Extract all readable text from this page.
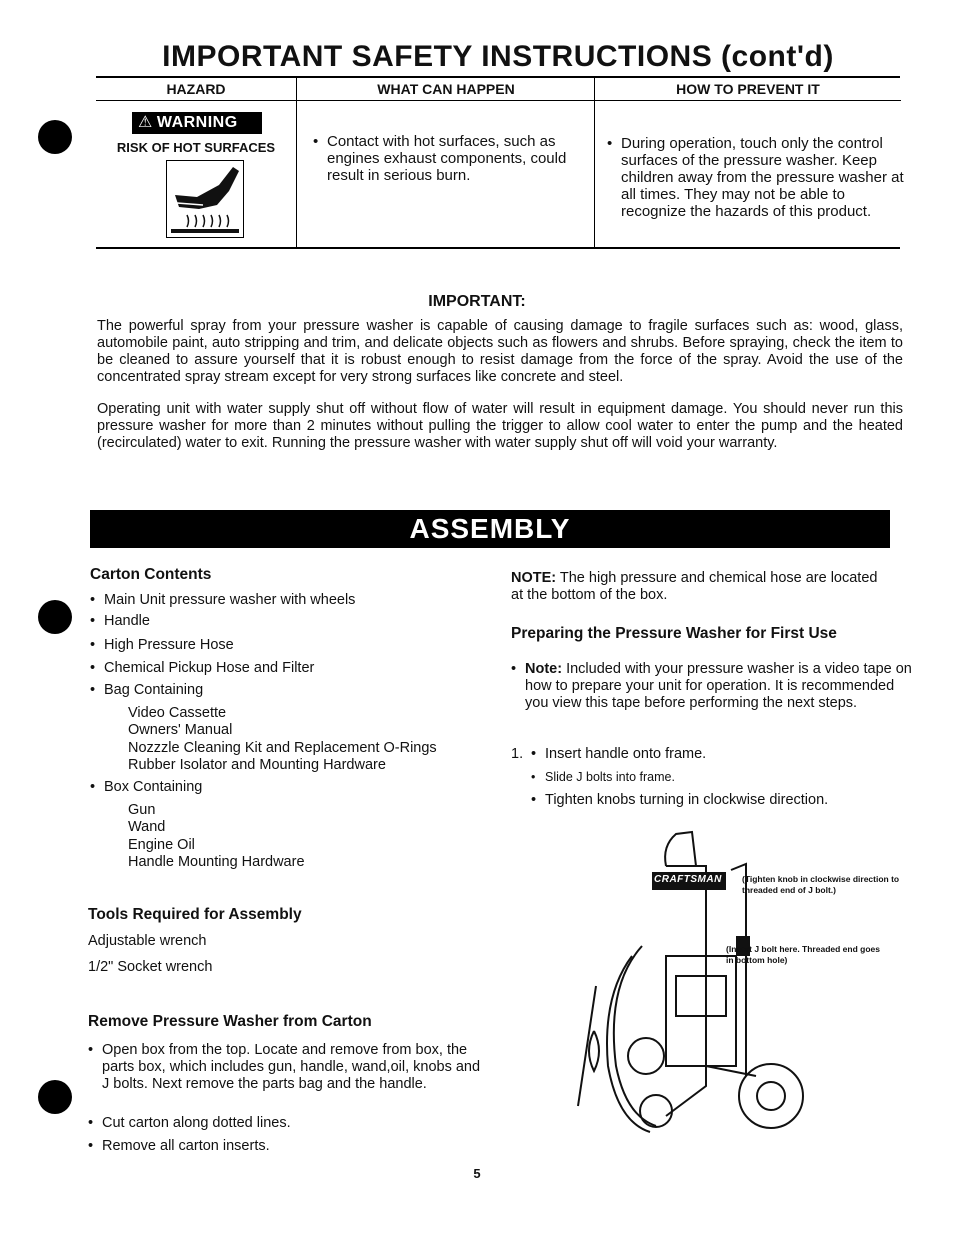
IMPORTANT SAFETY INSTRUCTIONS (cont'd)
HAZARD
⚠ WARNING
RISK OF HOT SURFACES
WHAT CAN HAPPEN
• Contact with hot surfaces, such as engines exhaust components, could result in serious burn.
HOW TO PREVENT IT
• During operation, touch only the control surfaces of the pressure washer. Keep children away from the pressure washer at all times. They may not be able to recognize the hazards of this product.
IMPORTANT:
The powerful spray from your pressure washer is capable of causing damage to fragile surfaces such as: wood, glass, automobile paint, auto stripping and trim, and delicate objects such as flowers and shrubs. Before spraying, check the item to be cleaned to assure yourself that it is robust enough to resist damage from the force of the spray. Avoid the use of the concentrated spray stream except for very strong surfaces like concrete and steel.
Operating unit with water supply shut off without flow of water will result in equipment damage. You should never run this pressure washer for more than 2 minutes without pulling the trigger to allow cool water to enter the pump and the heated (recirculated) water to exit. Running the pressure washer with water supply shut off will void your warranty.
ASSEMBLY
Carton Contents
• Main Unit pressure washer with wheels
• Handle
• High Pressure Hose
• Chemical Pickup Hose and Filter
• Bag Containing
Video Cassette
Owners' Manual
Nozzzle Cleaning Kit and Replacement O-Rings
Rubber Isolator and Mounting Hardware
• Box Containing
Gun
Wand
Engine Oil
Handle Mounting Hardware
Tools Required for Assembly
Adjustable wrench
1/2" Socket wrench
Remove Pressure Washer from Carton
• Open box from the top. Locate and remove from box, the parts box, which includes gun, handle, wand,oil, knobs and J bolts. Next remove the parts bag and the handle.
• Cut carton along dotted lines.
• Remove all carton inserts.
NOTE: The high pressure and chemical hose are located at the bottom of the box.
Preparing the Pressure Washer for First Use
• Note: Included with your pressure washer is a video tape on how to prepare your unit for operation. It is recommended you view this tape before performing the next steps.
1.
•	Insert handle onto frame.
• Slide J bolts into frame.
• Tighten knobs turning in clockwise direction.
CRAFTSMAN (Tighten knob in clockwise direction to threaded end of J bolt.)
(Insert J bolt here. Threaded end goes in bottom hole)
5
